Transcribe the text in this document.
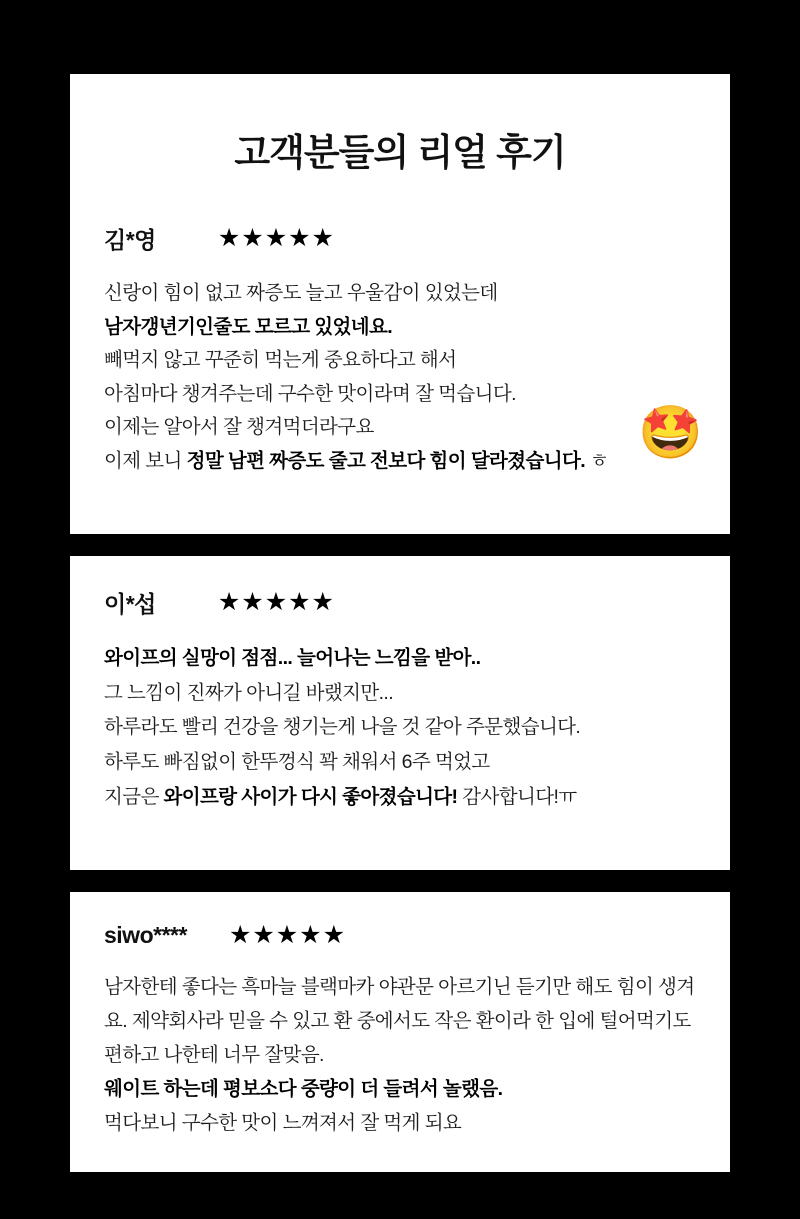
고객분들의 리얼 후기
김*영 ★★★★★
신랑이 힘이 없고 짜증도 늘고 우울감이 있었는데
남자갱년기인줄도 모르고 있었네요.
빼먹지 않고 꾸준히 먹는게 중요하다고 해서
아침마다 챙겨주는데 구수한 맛이라며 잘 먹습니다.
이제는 알아서 잘 챙겨먹더라구요
이제 보니 정말 남편 짜증도 줄고 전보다 힘이 달라졌습니다. ㅎ 🤩
이*섭 ★★★★★
와이프의 실망이 점점... 늘어나는 느낌을 받아..
그 느낌이 진짜가 아니길 바랬지만...
하루라도 빨리 건강을 챙기는게 나을 것 같아 주문했습니다.
하루도 빠짐없이 한뚜껑식 꽉 채워서 6주 먹었고
지금은 와이프랑 사이가 다시 좋아졌습니다! 감사합니다!ㅠ
siwo**** ★★★★★
남자한테 좋다는 흑마늘 블랙마카 야관문 아르기닌 듣기만 해도 힘이 생겨요. 제약회사라 믿을 수 있고 환 중에서도 작은 환이라 한 입에 털어먹기도 편하고 나한테 너무 잘맞음.
웨이트 하는데 평보소다 중량이 더 들려서 놀랬음.
먹다보니 구수한 맛이 느껴져서 잘 먹게 되요
